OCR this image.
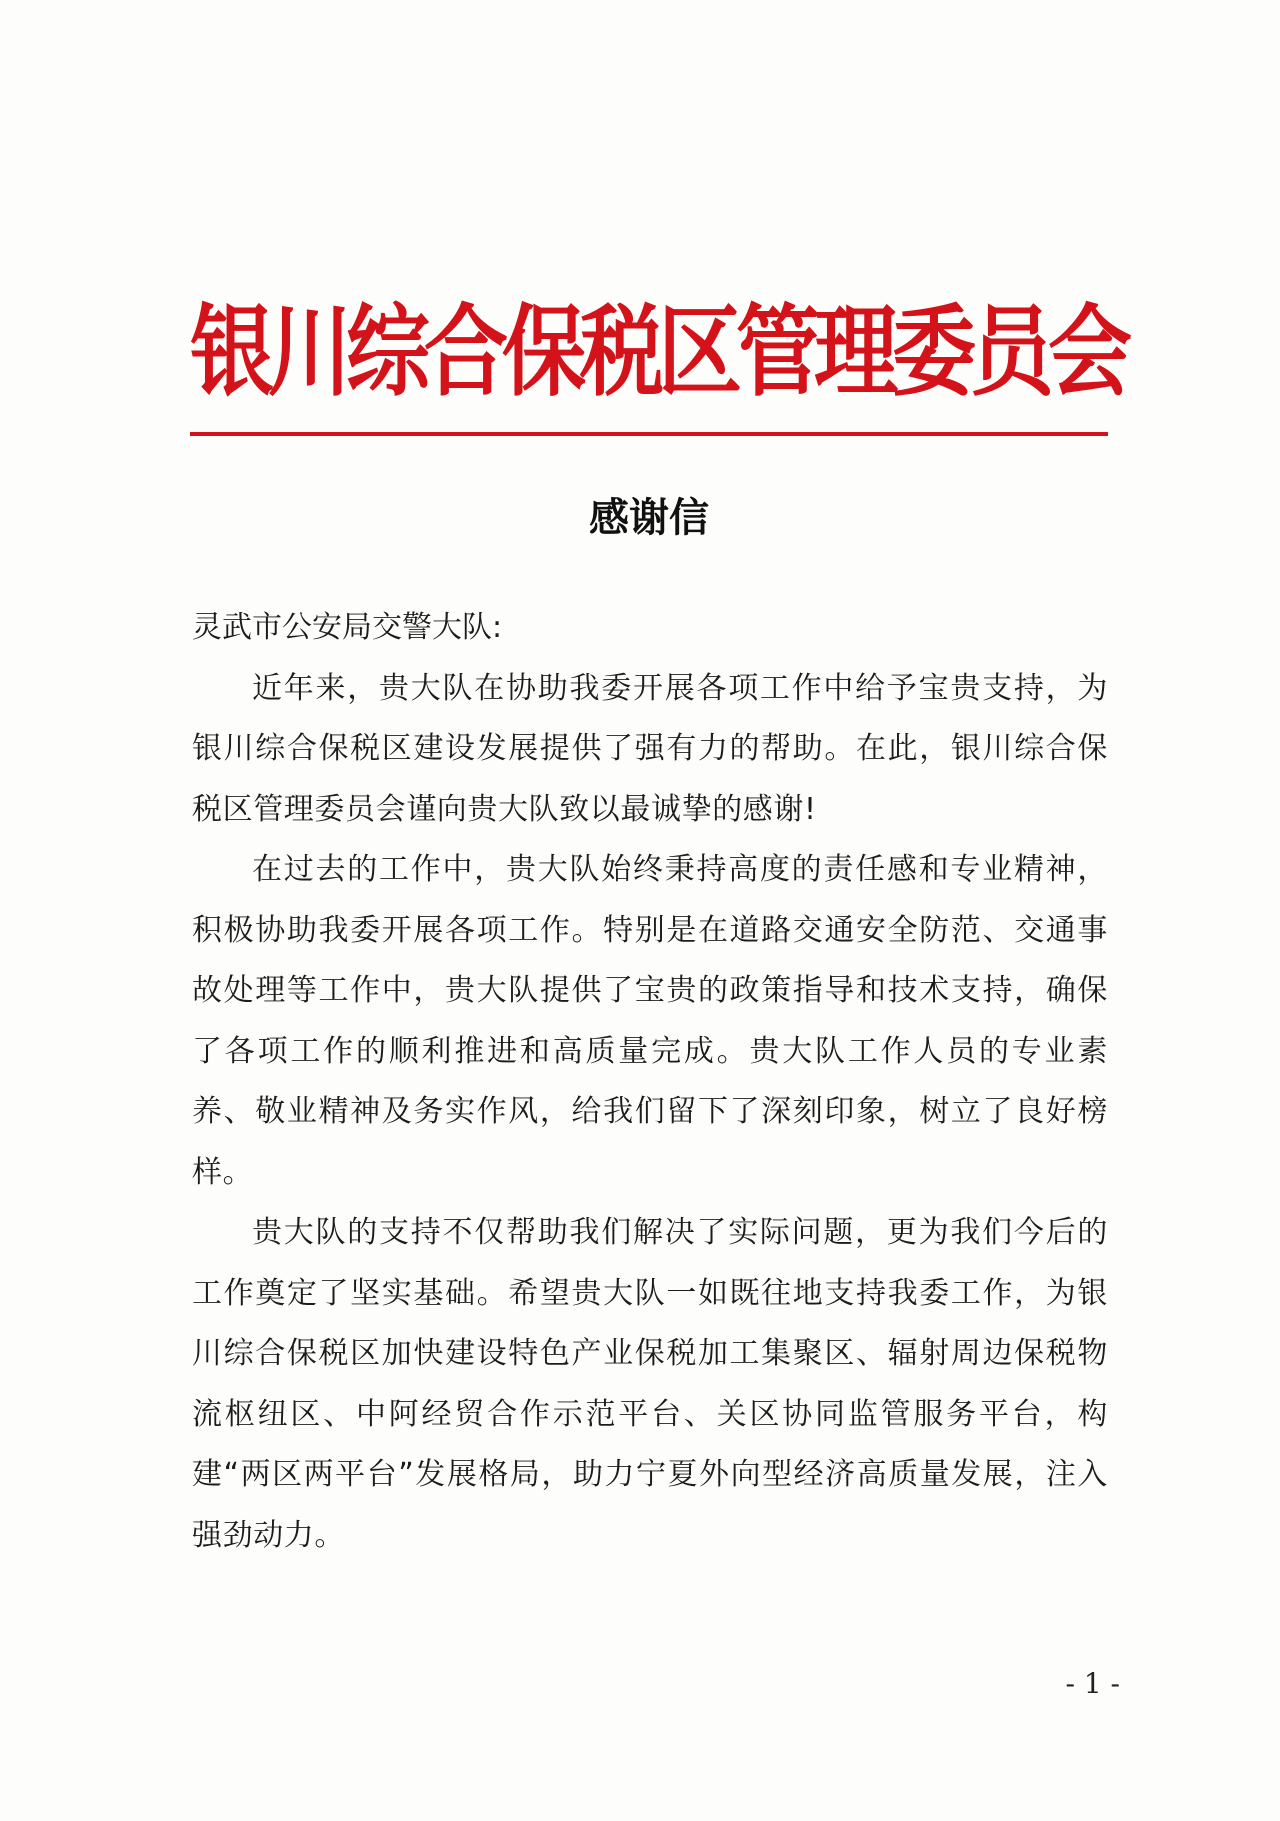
银川综合保税区管理委员会
感谢信

灵武市公安局交警大队:

近年来，贵大队在协助我委开展各项工作中给予宝贵支持，为银川综合保税区建设发展提供了强有力的帮助。在此，银川综合保税区管理委员会谨向贵大队致以最诚挚的感谢!

在过去的工作中，贵大队始终秉持高度的责任感和专业精神，积极协助我委开展各项工作。特别是在道路交通安全防范、交通事故处理等工作中，贵大队提供了宝贵的政策指导和技术支持，确保了各项工作的顺利推进和高质量完成。贵大队工作人员的专业素养、敬业精神及务实作风，给我们留下了深刻印象，树立了良好榜样。

贵大队的支持不仅帮助我们解决了实际问题，更为我们今后的工作奠定了坚实基础。希望贵大队一如既往地支持我委工作，为银川综合保税区加快建设特色产业保税加工集聚区、辐射周边保税物流枢纽区、中阿经贸合作示范平台、关区协同监管服务平台，构建“两区两平台”发展格局，助力宁夏外向型经济高质量发展，注入强劲动力。

- 1 -
